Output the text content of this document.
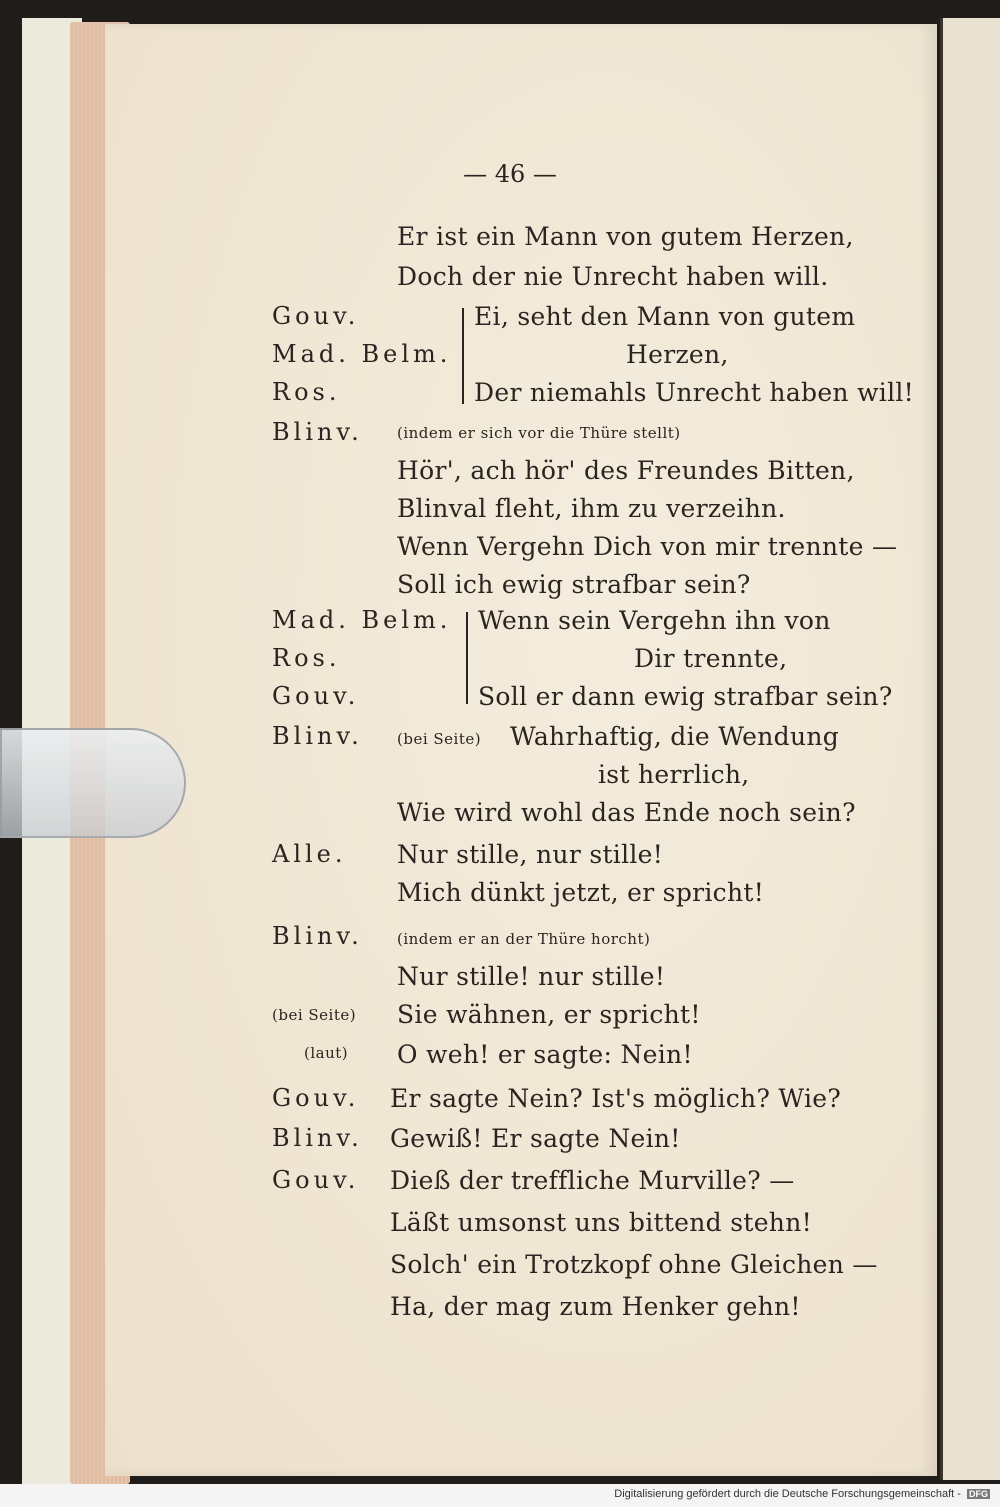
— 46 —
Er ist ein Mann von gutem Herzen,
Doch der nie Unrecht haben will.
Gouv.
Mad. Belm.
Ros.
Ei, seht den Mann von gutem
Herzen,
Der niemahls Unrecht haben will!
Blinv. (indem er sich vor die Thüre stellt)
Hör', ach hör' des Freundes Bitten,
Blinval fleht, ihm zu verzeihn.
Wenn Vergehn Dich von mir trennte —
Soll ich ewig strafbar sein?
Mad. Belm.
Ros.
Gouv.
Wenn sein Vergehn ihn von
Dir trennte,
Soll er dann ewig strafbar sein?
Blinv. (bei Seite) Wahrhaftig, die Wendung
ist herrlich,
Wie wird wohl das Ende noch sein?
Alle. Nur stille, nur stille!
Mich dünkt jetzt, er spricht!
Blinv. (indem er an der Thüre horcht)
Nur stille! nur stille!
(bei Seite) Sie wähnen, er spricht!
(laut) O weh! er sagte: Nein!
Gouv. Er sagte Nein? Ist's möglich? Wie?
Blinv. Gewiß! Er sagte Nein!
Gouv. Dieß der treffliche Murville? —
Läßt umsonst uns bittend stehn!
Solch' ein Trotzkopf ohne Gleichen —
Ha, der mag zum Henker gehn!
Digitalisierung gefördert durch die Deutsche Forschungsgemeinschaft - DFG
